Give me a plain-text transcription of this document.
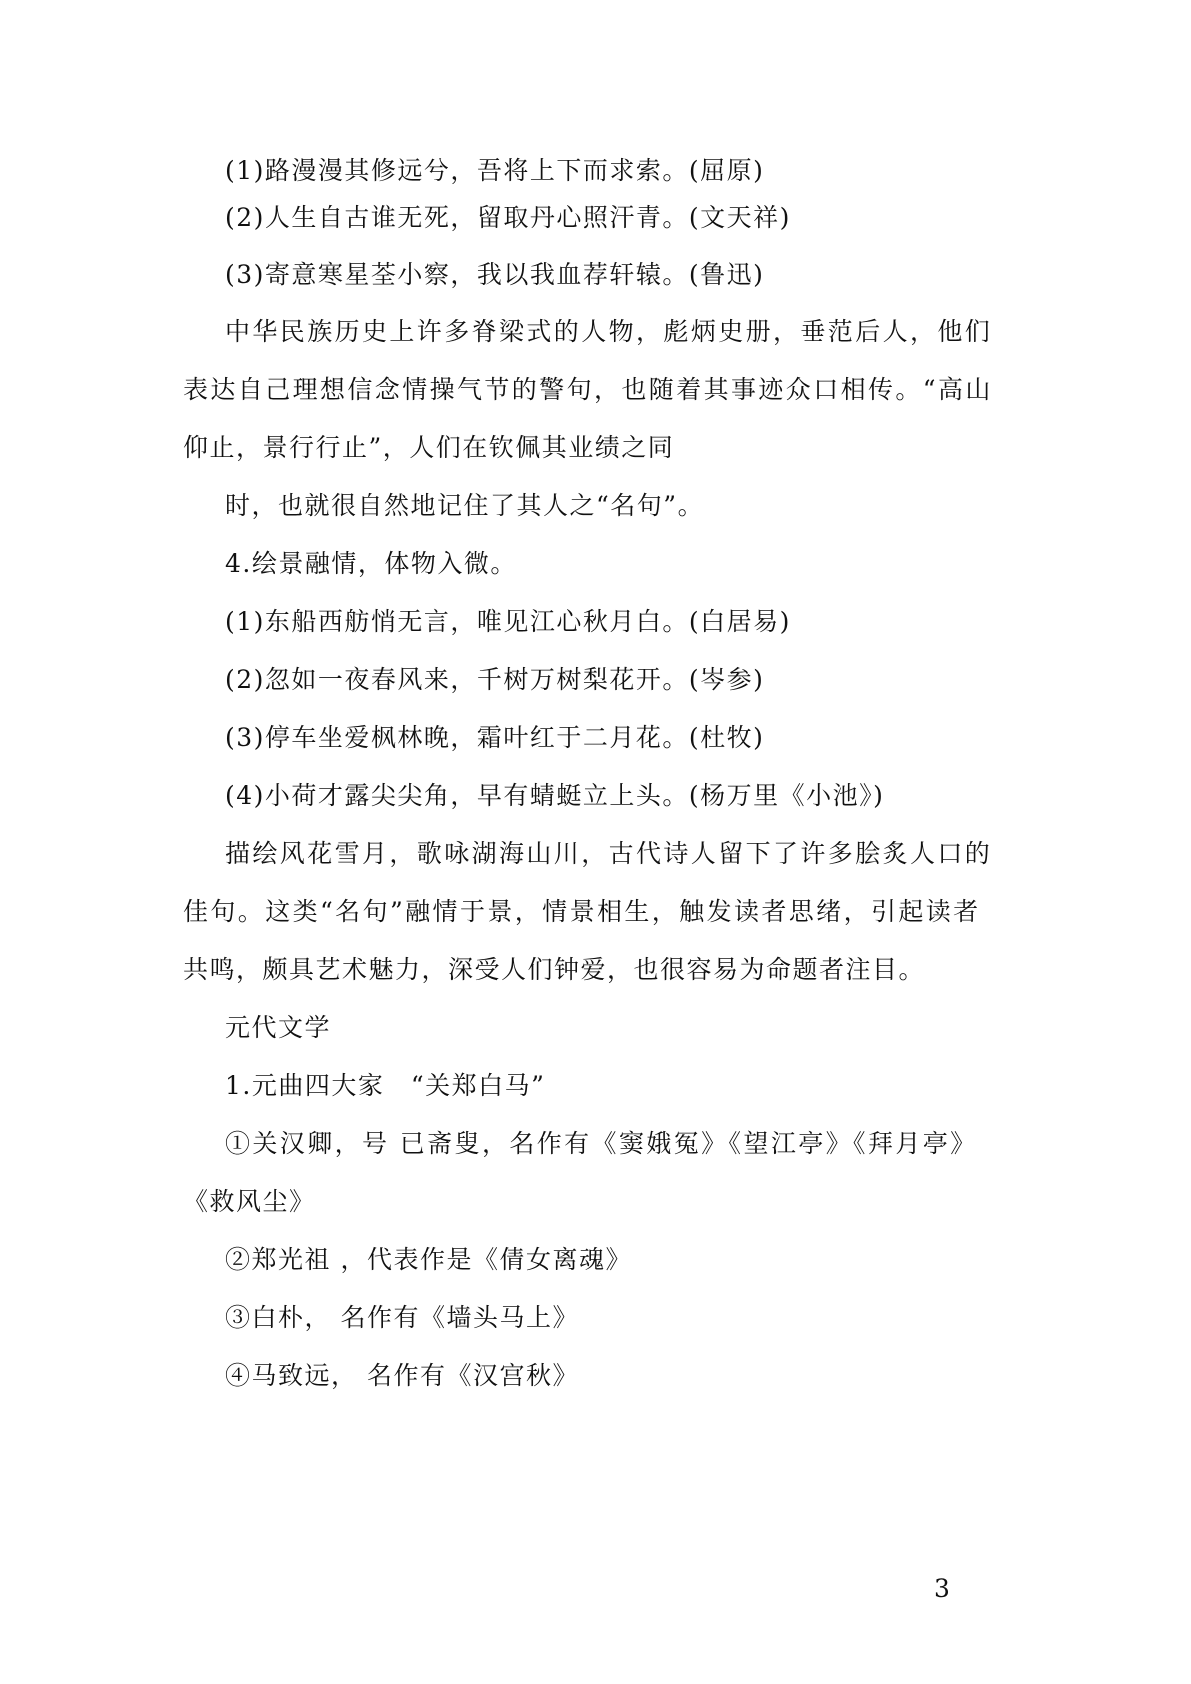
(1)路漫漫其修远兮，吾将上下而求索。(屈原)
(2)人生自古谁无死，留取丹心照汗青。(文天祥)
(3)寄意寒星荃小察，我以我血荐轩辕。(鲁迅)
中华民族历史上许多脊梁式的人物，彪炳史册，垂范后人，他们
表达自己理想信念情操气节的警句，也随着其事迹众口相传。“高山
仰止，景行行止”，人们在钦佩其业绩之同
时，也就很自然地记住了其人之“名句”。
4.绘景融情，体物入微。
(1)东船西舫悄无言，唯见江心秋月白。(白居易)
(2)忽如一夜春风来，千树万树梨花开。(岑参)
(3)停车坐爱枫林晚，霜叶红于二月花。(杜牧)
(4)小荷才露尖尖角，早有蜻蜓立上头。(杨万里《小池》)
描绘风花雪月，歌咏湖海山川，古代诗人留下了许多脍炙人口的
佳句。这类“名句”融情于景，情景相生，触发读者思绪，引起读者
共鸣，颇具艺术魅力，深受人们钟爱，也很容易为命题者注目。
元代文学
1.元曲四大家　“关郑白马”
①关汉卿，号 已斋叟，名作有《窦娥冤》《望江亭》《拜月亭》
《救风尘》
②郑光祖 ，代表作是《倩女离魂》
③白朴， 名作有《墙头马上》
④马致远， 名作有《汉宫秋》
3
